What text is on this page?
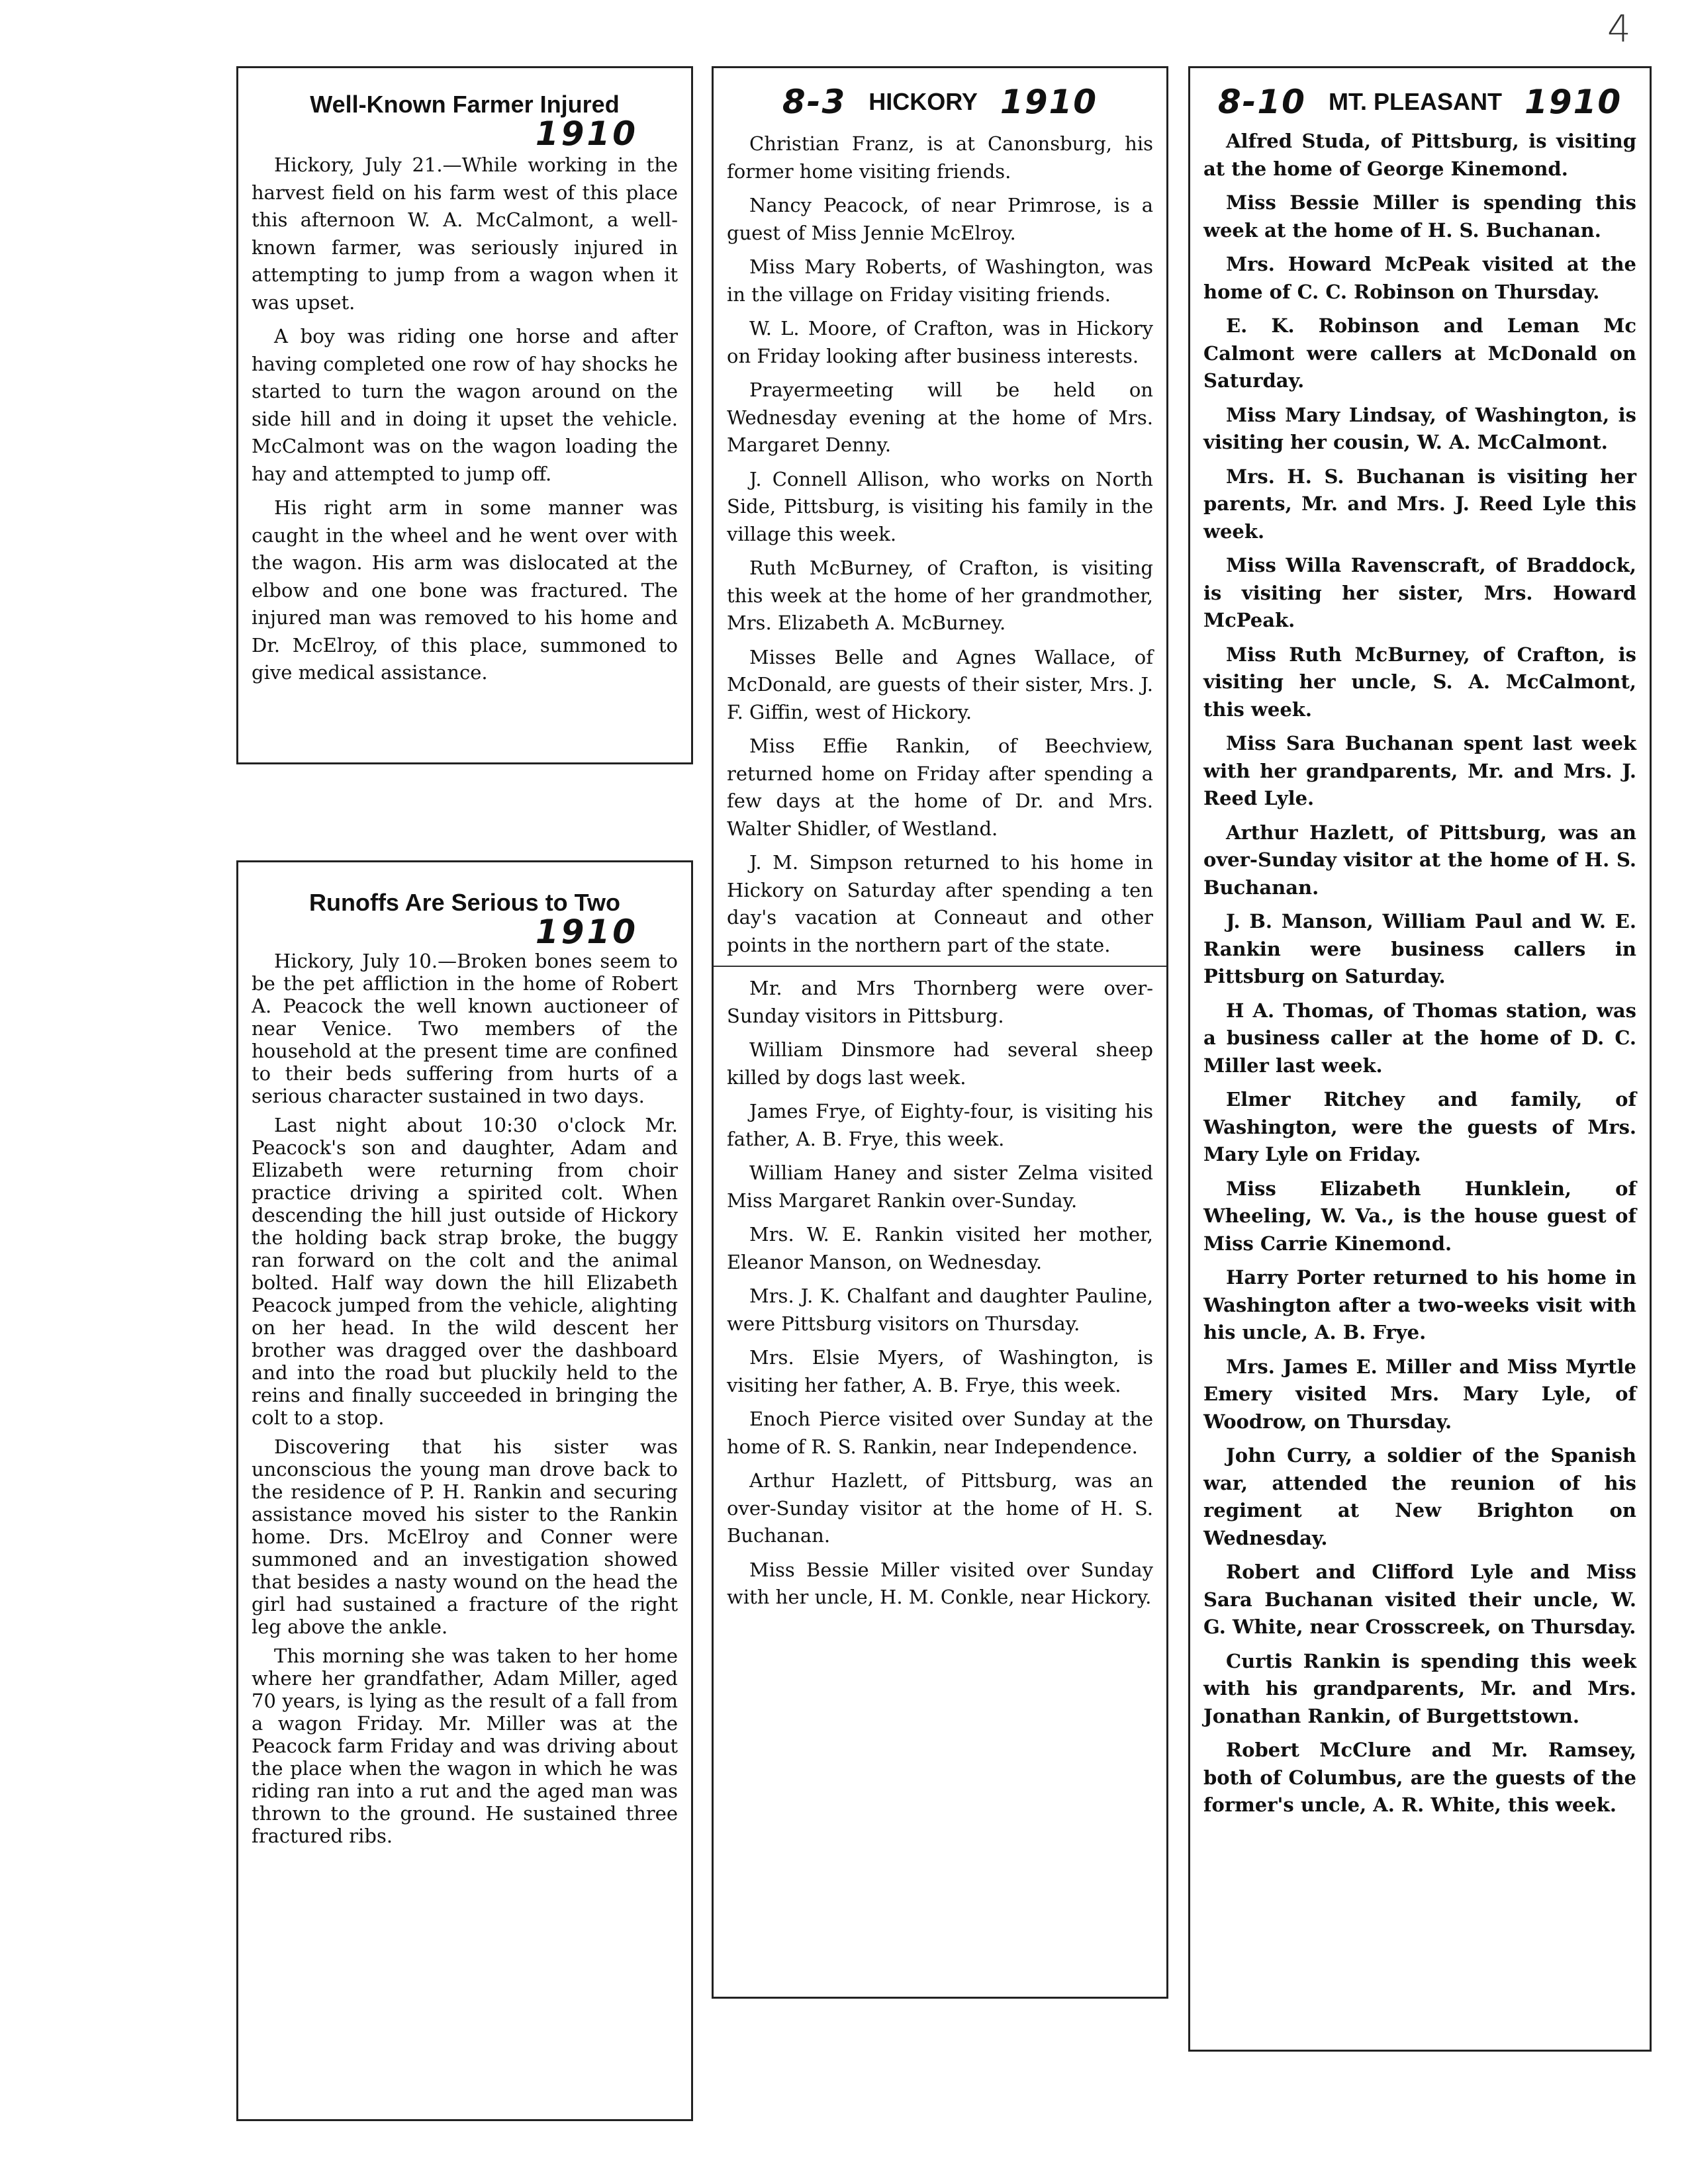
4
Well-Known Farmer Injured
1910

Hickory, July 21.—While working in the harvest field on his farm west of this place this afternoon W. A. McCalmont, a well-known farmer, was seriously injured in attempting to jump from a wagon when it was upset.

A boy was riding one horse and after having completed one row of hay shocks he started to turn the wagon around on the side hill and in doing it upset the vehicle. McCalmont was on the wagon loading the hay and attempted to jump off.

His right arm in some manner was caught in the wheel and he went over with the wagon. His arm was dislocated at the elbow and one bone was fractured. The injured man was removed to his home and Dr. McElroy, of this place, summoned to give medical assistance.

Runoffs Are Serious to Two
1910

Hickory, July 10.—Broken bones seem to be the pet affliction in the home of Robert A. Peacock the well known auctioneer of near Venice. Two members of the household at the present time are confined to their beds suffering from hurts of a serious character sustained in two days.

Last night about 10:30 o'clock Mr. Peacock's son and daughter, Adam and Elizabeth were returning from choir practice driving a spirited colt. When descending the hill just outside of Hickory the holding back strap broke, the buggy ran forward on the colt and the animal bolted. Half way down the hill Elizabeth Peacock jumped from the vehicle, alighting on her head. In the wild descent her brother was dragged over the dashboard and into the road but pluckily held to the reins and finally succeeded in bringing the colt to a stop.

Discovering that his sister was unconscious the young man drove back to the residence of P. H. Rankin and securing assistance moved his sister to the Rankin home. Drs. McElroy and Conner were summoned and an investigation showed that besides a nasty wound on the head the girl had sustained a fracture of the right leg above the ankle.

This morning she was taken to her home where her grandfather, Adam Miller, aged 70 years, is lying as the result of a fall from a wagon Friday. Mr. Miller was at the Peacock farm Friday and was driving about the place when the wagon in which he was riding ran into a rut and the aged man was thrown to the ground. He sustained three fractured ribs.

8-3 HICKORY 1910

Christian Franz, is at Canonsburg, his former home visiting friends.

Nancy Peacock, of near Primrose, is a guest of Miss Jennie McElroy.

Miss Mary Roberts, of Washington, was in the village on Friday visiting friends.

W. L. Moore, of Crafton, was in Hickory on Friday looking after business interests.

Prayermeeting will be held on Wednesday evening at the home of Mrs. Margaret Denny.

J. Connell Allison, who works on North Side, Pittsburg, is visiting his family in the village this week.

Ruth McBurney, of Crafton, is visiting this week at the home of her grandmother, Mrs. Elizabeth A. McBurney.

Misses Belle and Agnes Wallace, of McDonald, are guests of their sister, Mrs. J. F. Giffin, west of Hickory.

Miss Effie Rankin, of Beechview, returned home on Friday after spending a few days at the home of Dr. and Mrs. Walter Shidler, of Westland.

J. M. Simpson returned to his home in Hickory on Saturday after spending a ten day's vacation at Conneaut and other points in the northern part of the state.

Mr. and Mrs Thornberg were over-Sunday visitors in Pittsburg.

William Dinsmore had several sheep killed by dogs last week.

James Frye, of Eighty-four, is visiting his father, A. B. Frye, this week.

William Haney and sister Zelma visited Miss Margaret Rankin over-Sunday.

Mrs. W. E. Rankin visited her mother, Eleanor Manson, on Wednesday.

Mrs. J. K. Chalfant and daughter Pauline, were Pittsburg visitors on Thursday.

Mrs. Elsie Myers, of Washington, is visiting her father, A. B. Frye, this week.

Enoch Pierce visited over Sunday at the home of R. S. Rankin, near Independence.

Arthur Hazlett, of Pittsburg, was an over-Sunday visitor at the home of H. S. Buchanan.

Miss Bessie Miller visited over Sunday with her uncle, H. M. Conkle, near Hickory.

8-10 MT. PLEASANT 1910

Alfred Studa, of Pittsburg, is visiting at the home of George Kinemond.

Miss Bessie Miller is spending this week at the home of H. S. Buchanan.

Mrs. Howard McPeak visited at the home of C. C. Robinson on Thursday.

E. K. Robinson and Leman Mc Calmont were callers at McDonald on Saturday.

Miss Mary Lindsay, of Washington, is visiting her cousin, W. A. McCalmont.

Mrs. H. S. Buchanan is visiting her parents, Mr. and Mrs. J. Reed Lyle this week.

Miss Willa Ravenscraft, of Braddock, is visiting her sister, Mrs. Howard McPeak.

Miss Ruth McBurney, of Crafton, is visiting her uncle, S. A. McCalmont, this week.

Miss Sara Buchanan spent last week with her grandparents, Mr. and Mrs. J. Reed Lyle.

Arthur Hazlett, of Pittsburg, was an over-Sunday visitor at the home of H. S. Buchanan.

J. B. Manson, William Paul and W. E. Rankin were business callers in Pittsburg on Saturday.

H A. Thomas, of Thomas station, was a business caller at the home of D. C. Miller last week.

Elmer Ritchey and family, of Washington, were the guests of Mrs. Mary Lyle on Friday.

Miss Elizabeth Hunklein, of Wheeling, W. Va., is the house guest of Miss Carrie Kinemond.

Harry Porter returned to his home in Washington after a two-weeks visit with his uncle, A. B. Frye.

Mrs. James E. Miller and Miss Myrtle Emery visited Mrs. Mary Lyle, of Woodrow, on Thursday.

John Curry, a soldier of the Spanish war, attended the reunion of his regiment at New Brighton on Wednesday.

Robert and Clifford Lyle and Miss Sara Buchanan visited their uncle, W. G. White, near Crosscreek, on Thursday.

Curtis Rankin is spending this week with his grandparents, Mr. and Mrs. Jonathan Rankin, of Burgettstown.

Robert McClure and Mr. Ramsey, both of Columbus, are the guests of the former's uncle, A. R. White, this week.
